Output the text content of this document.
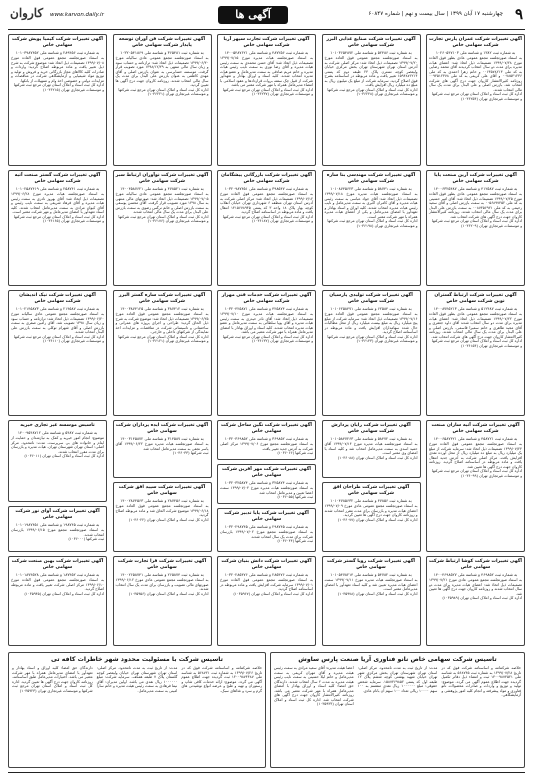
۹
چهارشنبه ۱۷ آبان ۱۳۹۹ | سال بیست و نهم | شماره ۶۰۸۴۷
آگهی ها
www.karvon.daily.ir
کاروان
آگهی تغییرات شرکت عمران پارس تجارت شرکت سهامی خاص
به شماره ثبت ۱۳۸۲ و شناسه ملی ۱۰۲۶۰۵۴۷۱۰۳
به استناد صورتجلسه مجمع عمومی عادی بطور فوق العاده مورخ ۱۳۹۹/۰۷/۲۸ تصمیمات ذیل اتخاذ شد: اعضای هیات مدیره برای مدت دو سال انتخاب گردیدند آقای محمد رضایی به کد ملی ۰۰۶۴۵۷۸۲۱۳ و خانم زهرا احمدی به کد ملی ۰۰۷۸۵۴۱۲۳۶ و آقای علی کریمی به کد ملی ۰۰۹۴۵۱۲۳۷۸ روزنامه کثیرالانتشار کاروان جهت درج آگهی های شرکت انتخاب شد. بازرس اصلی و علی البدل برای مدت یک سال مالی انتخاب شدند.
اداره کل ثبت اسناد و املاک استان تهران مرجع ثبت شرکتها و موسسات غیرتجاری تهران (۱۰۳۶۲۵۴)
آگهی تغییرات شرکت صنایع غذایی البرز شرکت سهامی خاص
به شماره ثبت ۵۲۴۸۶ و شناسه ملی ۱۰۱۰۳۶۵۴۸۷۲
به استناد صورتجلسه مجمع عمومی فوق العاده مورخ ۱۳۹۹/۰۷/۲۰ تصمیمات ذیل اتخاذ شد: مرکز اصلی شرکت به آدرس استان تهران شهرستان تهران بخش مرکزی خیابان ولیعصر کوچه نسترن پلاک ۲۴ طبقه دوم کد پستی ۱۵۹۴۸۷۶۲۱۴ تغییر یافت و ماده مربوطه در اساسنامه بشرح فوق اصلاح گردید. سرمایه شرکت از مبلغ یک میلیون ریال به مبلغ ده میلیارد ریال افزایش یافت.
اداره کل ثبت اسناد و املاک استان تهران مرجع ثبت شرکتها و موسسات غیرتجاری تهران (۱۰۳۶۲۴۸)
آگهی تغییرات شرکت تجارت سپهر آریا شرکت سهامی خاص
به شماره ثبت ۴۸۷۲۵۶ و شناسه ملی ۱۴۰۰۵۴۸۷۶۲۱
به استناد صورتجلسه هیات مدیره مورخ ۱۳۹۹/۰۷/۱۵ تصمیمات ذیل اتخاذ شد: آقای حسن محمدی به سمت رئیس هیات مدیره و آقای رضا نوری به سمت نایب رئیس هیات مدیره و خانم مریم صادقی به سمت مدیرعامل و عضو هیات مدیره انتخاب شدند. کلیه اسناد و اوراق بهادار و تعهدآور شرکت از قبیل چک سفته بروات قراردادها و عقود اسلامی با امضاء مدیرعامل همراه با مهر شرکت معتبر می باشد.
اداره کل ثبت اسناد و املاک استان تهران مرجع ثبت شرکتها و موسسات غیرتجاری تهران (۱۰۳۶۲۳۷)
آگهی تغییرات شرکت فن آوران توسعه پایدار شرکت سهامی خاص
به شماره ثبت ۳۶۵۴۸۱ و شناسه ملی ۱۰۳۲۰۵۴۱۸۶۹
به استناد صورتجلسه مجمع عمومی عادی سالیانه مورخ ۱۳۹۹/۰۶/۳۰ تصمیمات ذیل اتخاذ شد: ترازنامه و حساب سود و زیان سال مالی منتهی به ۱۳۹۸/۱۲/۲۹ مورد تصویب قرار گرفت. موسسه حسابرسی به عنوان بازرس اصلی و آقای مهدی کاظمی به عنوان بازرس علی البدل برای مدت یک سال مالی انتخاب شدند. روزنامه کاروان جهت درج آگهی ها تعیین گردید.
اداره کل ثبت اسناد و املاک استان تهران مرجع ثبت شرکتها و موسسات غیرتجاری تهران (۱۰۳۶۲۲۱)
آگهی تغییرات شرکت کیمیا پویش شرکت سهامی خاص
به شماره ثبت ۲۸۹۴۵۶ و شناسه ملی ۱۰۱۰۳۹۸۷۴۵۲
به استناد صورتجلسه مجمع عمومی فوق العاده مورخ ۱۳۹۹/۰۷/۰۸ تصمیمات ذیل اتخاذ شد: موضوع شرکت به شرح ذیل تغییر یافت و ماده مربوطه اصلاح گردید: واردات و صادرات کلیه کالاهای مجاز بازرگانی خرید و فروش و تولید و توزیع مواد شیمیایی و آزمایشگاهی شرکت در مناقصات و مزایدات دولتی و خصوصی اخذ وام و تسهیلات از بانکها.
اداره کل ثبت اسناد و املاک استان تهران مرجع ثبت شرکتها و موسسات غیرتجاری تهران (۱۰۳۶۲۱۵)
آگهی تغییرات شرکت آرین صنعت پایا شرکت سهامی خاص
به شماره ثبت ۴۱۲۵۸۷ و شناسه ملی ۱۴۰۰۶۳۲۵۴۸۷
به استناد صورتجلسه مجمع عمومی عادی بطور فوق العاده مورخ ۱۳۹۹/۰۷/۲۵ تصمیمات ذیل اتخاذ شد: آقای امیر حسینی به کد ملی ۰۰۵۶۸۹۷۴۵۲ به سمت بازرس اصلی و آقای سعید رحیمی به کد ملی ۰۰۸۷۴۵۶۹۲۱ به سمت بازرس علی البدل برای مدت یک سال مالی انتخاب شدند. روزنامه کثیرالانتشار کاروان جهت درج آگهی های شرکت انتخاب شد.
اداره کل ثبت اسناد و املاک استان تهران مرجع ثبت شرکتها و موسسات غیرتجاری تهران (۱۰۳۶۲۰۹)
آگهی تغییرات شرکت مهندسی بنا سازه شرکت سهامی خاص
به شماره ثبت ۵۸۷۴۱ و شناسه ملی ۱۰۱۰۸۷۴۵۶۲۳
به استناد صورتجلسه هیات مدیره مورخ ۱۳۹۹/۰۷/۱۸ تصمیمات ذیل اتخاذ شد: آقای جواد عباسی به سمت رئیس هیات مدیره و آقای کامران اکبری به سمت مدیرعامل و نایب رئیس هیات مدیره انتخاب شدند. کلیه اوراق و اسناد بهادار و تعهدآور با امضای مدیرعامل و یکی از اعضای هیات مدیره همراه با مهر شرکت معتبر است.
اداره کل ثبت اسناد و املاک استان تهران مرجع ثبت شرکتها و موسسات غیرتجاری تهران (۱۰۳۶۱۹۸)
آگهی تغییرات شرکت بازرگانی پیشگامان شرکت سهامی خاص
به شماره ثبت ۳۹۸۵۴۷ و شناسه ملی ۱۰۳۲۰۹۸۷۴۵۱
به استناد صورتجلسه مجمع عمومی فوق العاده مورخ ۱۳۹۹/۰۷/۱۲ تصمیمات ذیل اتخاذ شد: مرکز اصلی شرکت به آدرس استان تهران منطقه ۶ شهرداری تهران خیابان انقلاب کوچه بهار پلاک ۱۸ واحد ۳ کد پستی ۱۴۱۵۶۷۸۹۴۵ انتقال یافت و ماده مربوطه در اساسنامه اصلاح گردید.
اداره کل ثبت اسناد و املاک استان تهران مرجع ثبت شرکتها و موسسات غیرتجاری تهران (۱۰۳۶۱۸۷)
آگهی تغییرات شرکت نوآوران ارتباط سبز شرکت سهامی خاص
به شماره ثبت ۴۷۸۵۲۱ و شناسه ملی ۱۴۰۰۴۵۸۷۶۲۱
به استناد صورتجلسه مجمع عمومی عادی سالیانه مورخ ۱۳۹۹/۰۷/۰۵ تصمیمات ذیل اتخاذ شد: صورتهای مالی منتهی به سال ۱۳۹۸ مورد تصویب قرار گرفت. آقای محسن یوسفی به سمت بازرس اصلی و خانم نرگس رضوی به سمت بازرس علی البدل برای مدت یک سال مالی انتخاب شدند.
اداره کل ثبت اسناد و املاک استان تهران مرجع ثبت شرکتها و موسسات غیرتجاری تهران (۱۰۳۶۱۷۶)
آگهی تغییرات شرکت گستر صنعت آتیه شرکت سهامی خاص
به شماره ثبت ۲۵۸۷۴۱ و شناسه ملی ۱۰۱۰۲۵۸۷۴۱۹
به استناد صورتجلسه هیات مدیره مورخ ۱۳۹۹/۰۶/۲۸ تصمیمات ذیل اتخاذ شد: آقای بهروز نادری به سمت رئیس هیات مدیره و آقای فرهاد شریفی به سمت نایب رئیس و آقای کیوان مرادی به سمت مدیرعامل انتخاب شدند. کلیه اسناد تعهدآور با امضای مدیرعامل و مهر شرکت معتبر است.
اداره کل ثبت اسناد و املاک استان تهران مرجع ثبت شرکتها و موسسات غیرتجاری تهران (۱۰۳۶۱۶۵)
آگهی تغییرات شرکت ارتباط گستران نوین شرکت سهامی خاص
به شماره ثبت ۵۱۲۴۸۷ و شناسه ملی ۱۴۰۰۸۷۴۵۲۱۳
به استناد صورتجلسه مجمع عمومی عادی بطور فوق العاده مورخ ۱۳۹۹/۰۷/۲۲ تصمیمات ذیل اتخاذ شد: اعضای هیات مدیره برای مدت دو سال انتخاب شدند آقای داود جعفری و آقای مجید طاهری و خانم سمیرا قاسمی. بازرس اصلی و علی البدل برای مدت یک سال مالی انتخاب شدند. روزنامه کثیرالانتشار کاروان جهت درج آگهی های شرکت انتخاب شد.
اداره کل ثبت اسناد و املاک استان تهران مرجع ثبت شرکتها و موسسات غیرتجاری تهران (۱۰۳۶۱۵۴)
آگهی تغییرات شرکت تولیدی پارسیان شرکت سهامی خاص
به شماره ثبت ۶۲۵۸۴ و شناسه ملی ۱۰۱۰۶۲۵۸۴۷۱
به استناد صورتجلسه مجمع عمومی فوق العاده مورخ ۱۳۹۹/۰۷/۱۶ تصمیمات ذیل اتخاذ شد: سرمایه شرکت از مبلغ پنج میلیارد ریال به مبلغ بیست میلیارد ریال از محل مطالبات حال شده سهامداران افزایش یافت و ماده مربوطه در اساسنامه اصلاح گردید.
اداره کل ثبت اسناد و املاک استان تهران مرجع ثبت شرکتها و موسسات غیرتجاری تهران (۱۰۳۶۱۴۳)
آگهی تغییرات شرکت خدمات فنی مهراز شرکت سهامی خاص
به شماره ثبت ۴۲۵۸۷۴ و شناسه ملی ۱۰۳۲۰۴۲۵۸۷۱
به استناد صورتجلسه هیات مدیره مورخ ۱۳۹۹/۰۷/۱۰ تصمیمات ذیل اتخاذ شد: آقای نادر حیدری به سمت رئیس هیات مدیره و آقای پویا سلطانی به سمت مدیرعامل و عضو هیات مدیره انتخاب شدند. کلیه اسناد و اوراق بهادار با امضای مدیرعامل همراه با مهر شرکت معتبر می باشد.
اداره کل ثبت اسناد و املاک استان تهران مرجع ثبت شرکتها و موسسات غیرتجاری تهران (۱۰۳۶۱۳۲)
آگهی تغییرات شرکت سازه گستر البرز شرکت سهامی خاص
به شماره ثبت ۳۸۷۴۱۲ و شناسه ملی ۱۴۰۰۳۸۷۴۱۲۵
به استناد صورتجلسه مجمع عمومی فوق العاده مورخ ۱۳۹۹/۰۶/۲۵ تصمیمات ذیل اتخاذ شد: موضوع شرکت به شرح ذیل الحاق گردید: طراحی و اجرای پروژه های عمرانی و ساختمانی و تاسیساتی شرکت در مناقصات و مزایدات اخذ نمایندگی از شرکتهای داخلی و خارجی.
اداره کل ثبت اسناد و املاک استان تهران مرجع ثبت شرکتها و موسسات غیرتجاری تهران (۱۰۳۶۱۲۱)
آگهی تغییرات شرکت نیک اندیشان شرکت سهامی خاص
به شماره ثبت ۲۱۴۵۸۷ و شناسه ملی ۱۰۱۰۲۱۴۵۸۷۳
به استناد صورتجلسه مجمع عمومی عادی سالیانه مورخ ۱۳۹۹/۰۶/۲۰ تصمیمات ذیل اتخاذ شد: ترازنامه و حساب سود و زیان سال ۱۳۹۸ تصویب شد. آقای رامین صفری به سمت بازرس اصلی و آقای شهرام توکلی به سمت بازرس علی البدل انتخاب شدند.
اداره کل ثبت اسناد و املاک استان تهران مرجع ثبت شرکتها و موسسات غیرتجاری تهران (۱۰۳۶۱۱۰)
آگهی تغییرات شرکت آتیه سازان صنعت شرکت سهامی خاص
به شماره ثبت ۴۵۸۷۲۱ و شناسه ملی ۱۴۰۰۶۵۸۷۴۲۱
به استناد صورتجلسه مجمع عمومی فوق العاده مورخ ۱۳۹۹/۰۷/۲۴ تصمیمات ذیل اتخاذ شد: سرمایه شرکت از مبلغ یک میلیارد ریال به مبلغ ده میلیارد ریال از محل آورده نقدی افزایش یافت. مرکز اصلی شرکت به آدرس جدید انتقال یافت و ماده مربوطه در اساسنامه اصلاح گردید. روزنامه کاروان جهت درج آگهی ها تعیین شد.
اداره کل ثبت اسناد و املاک استان تهران مرجع ثبت شرکتها و موسسات غیرتجاری تهران (۱۰۳۶۰۹۹)
آگهی تغییرات شرکت رایان پردازش شرکت سهامی خاص
به شماره ثبت ۵۸۴۷۲ و شناسه ملی ۱۰۱۰۵۸۴۷۲۶۳
به استناد صورتجلسه هیات مدیره مورخ ۱۳۹۹/۰۷/۱۴ آقای حمید اسدی به سمت مدیرعامل انتخاب شد و کلیه اسناد با امضای وی معتبر است.
اداره کل ثبت اسناد و املاک استان تهران (۱۰۳۶۰۸۸)
آگهی تغییرات شرکت طراحان افق شرکت سهامی خاص
به شماره ثبت ۴۷۸۵۶ و شناسه ملی ۱۰۱۰۴۷۸۵۶۳۲
به استناد صورتجلسه مجمع عمومی عادی مورخ ۱۳۹۹/۰۷/۰۹ اعضای هیات مدیره و بازرسان برای مدت مقرر انتخاب شدند و روزنامه کاروان جهت درج آگهی ها تعیین گردید.
اداره کل ثبت اسناد و املاک استان تهران (۱۰۳۶۰۷۷)
آگهی تغییرات شرکت نگین ساحل شرکت سهامی خاص
به شماره ثبت ۳۶۹۸۵۲ و شناسه ملی ۱۰۳۲۰۳۶۹۸۵۲
به استناد صورتجلسه مجمع مورخ ۱۳۹۹/۰۷/۰۶ مرکز اصلی شرکت به آدرس جدید تغییر یافت.
ثبت شرکتها (۱۰۳۶۰۶۶)
آگهی تغییرات شرکت مهر آفرین شرکت سهامی خاص
به شماره ثبت ۳۲۵۸۷۴ و شناسه ملی ۱۰۳۲۰۳۲۵۸۷۴
به استناد صورتجلسه هیات مدیره مورخ ۱۳۹۹/۰۷/۰۴ سمت اعضا تعیین و مدیرعامل انتخاب شد.
ثبت شرکتها (۱۰۳۶۰۵۵)
آگهی تغییرات شرکت پایا تدبیر شرکت سهامی خاص
به شماره ثبت ۲۹۸۷۴۵ و شناسه ملی ۱۰۳۲۰۲۹۸۷۴۵
به استناد صورتجلسه مجمع مورخ ۱۳۹۹/۰۷/۰۲ بازرسان شرکت برای مدت یک سال انتخاب شدند.
ثبت شرکتها (۱۰۳۶۰۴۴)
آگهی تغییرات شرکت ایده پردازان شرکت سهامی خاص
به شماره ثبت ۳۱۴۵۸۷ و شناسه ملی ۱۴۰۰۳۱۴۵۸۷۲
به استناد صورتجلسه هیات مدیره مورخ ۱۳۹۹/۰۶/۲۲ آقای یاسر نجفی به سمت مدیرعامل انتخاب شد.
ثبت شرکتها (۱۰۳۶۰۳۳)
آگهی تغییرات شرکت سپید افق شرکت سهامی خاص
به شماره ثبت ۲۸۷۴۵۶ و شناسه ملی ۱۴۰۰۲۸۷۴۵۶۳
به استناد صورتجلسه مجمع عمومی فوق العاده مورخ ۱۳۹۹/۰۶/۱۸ موضوع شرکت الحاق شد و ماده مربوطه اصلاح گردید.
اداره کل ثبت اسناد و املاک استان تهران (۱۰۳۶۰۲۲)
تاسیس موسسه غیر تجاری خیریه
به شماره ثبت ۵۴۸۷ و شناسه ملی ۱۴۰۰۹۵۴۸۷۱۲
موضوع: انجام امور خیریه و کمک به نیازمندان و حمایت از ایتام و خانواده های بی سرپرست. مدت: نامحدود. مرکز اصلی: استان تهران شهرستان تهران. هیات مدیره و بازرسان برای مدت مقرر انتخاب شدند.
اداره کل ثبت اسناد و املاک استان تهران (۱۰۳۶۰۱۱)
آگهی تغییرات شرکت آوای نور شرکت سهامی خاص
به شماره ثبت ۱۹۸۷۴۵ و شناسه ملی ۱۰۱۰۱۹۸۷۴۵۱
به استناد صورتجلسه مجمع مورخ ۱۳۹۹/۰۶/۱۵ بازرسان انتخاب شدند.
ثبت شرکتها (۱۰۳۶۰۰۰)
آگهی تغییرات شرکت کوشا ارتباط شرکت سهامی خاص
به شماره ثبت ۴۶۹۸۵۲ و شناسه ملی ۱۴۰۰۴۶۹۸۵۲۷
به استناد صورتجلسه مجمع عمومی عادی مورخ ۱۳۹۹/۰۷/۲۱ تصمیمات ذیل اتخاذ شد: اعضای هیات مدیره برای مدت دو سال انتخاب شدند و روزنامه کاروان جهت درج آگهی ها تعیین شد.
اداره کل ثبت اسناد و املاک استان تهران (۱۰۳۵۹۸۹)
آگهی تغییرات شرکت رویا گستر شرکت سهامی خاص
به شماره ثبت ۵۴۷۸۲ و شناسه ملی ۱۰۱۰۵۴۷۸۲۱۴
به استناد صورتجلسه هیات مدیره مورخ ۱۳۹۹/۰۷/۱۱ سمت اعضای هیات مدیره تعیین شد و کلیه اسناد تعهدآور با امضای مدیرعامل معتبر است.
اداره کل ثبت اسناد و املاک استان تهران (۱۰۳۵۹۷۸)
آگهی تغییرات شرکت دانش بنیان شرکت سهامی خاص
به شماره ثبت ۲۸۵۴۷۶ و شناسه ملی ۱۰۳۲۰۲۸۵۴۷۶
به استناد صورتجلسه مجمع عمومی فوق العاده مورخ ۱۳۹۹/۰۷/۰۱ سرمایه شرکت افزایش یافت و ماده مربوطه در اساسنامه اصلاح گردید.
اداره کل ثبت اسناد و املاک استان تهران (۱۰۳۵۹۶۷)
آگهی تغییرات شرکت فرا تجارت شرکت سهامی خاص
به شماره ثبت ۲۶۵۸۷۴ و شناسه ملی ۱۴۰۰۲۶۵۸۷۴۱
به استناد صورتجلسه مجمع عمومی عادی مورخ ۱۳۹۹/۰۶/۱۲ صورتهای مالی تصویب و بازرسان برای مدت یک سال انتخاب شدند.
اداره کل ثبت اسناد و املاک استان تهران (۱۰۳۵۹۵۶)
آگهی تغییرات شرکت بهین صنعت شرکت سهامی خاص
به شماره ثبت ۱۸۷۴۵۲ و شناسه ملی ۱۰۱۰۱۸۷۴۵۲۸
به استناد صورتجلسه مجمع عمومی فوق العاده مورخ ۱۳۹۹/۰۶/۱۰ مرکز اصلی شرکت تغییر یافت و ماده مربوطه اصلاح گردید.
اداره کل ثبت اسناد و املاک استان تهران (۱۰۳۵۹۴۵)
تاسیس شرکت سهامی خاص نانو فناوری آریا صنعت پارس ساوش
خلاصه شرکتنامه و اساسنامه شرکت فوق که در تاریخ ۱۳۹۹/۰۷/۲۸ به شماره ثبت ۵۶۸۷۴۵ به شناسه ملی ۱۴۰۰۹۸۷۴۵۲۱ ثبت و امضاء ذیل دفاتر تکمیل گردیده جهت اطلاع عموم آگهی می گردد. موضوع: تولید و توزیع و واردات و صادرات محصولات نانو فناوری و مواد پیشرفته و انجام کلیه امور پژوهشی و آزمایشگاهی.
مدت: از تاریخ ثبت به مدت نامحدود. مرکز اصلی: استان تهران شهرستان تهران بخش مرکزی شهر تهران خیابان شهید بهشتی کوچه ششم پلاک ۱۲ طبقه اول کد پستی ۱۵۸۷۴۶۹۸۵۲. سرمایه شخص حقوقی: مبلغ ۱۰۰۰۰۰۰ ریال نقدی منقسم به ۱۰۰ سهم ۱۰۰۰۰ ریالی تعداد ۱۰۰ سهم آن بانام عادی.
اعضا هیئت مدیره: آقای سعید مرادی به سمت رئیس هیئت مدیره و آقای مهران کریمی به سمت مدیرعامل و خانم لیلا حسینی به سمت نایب رئیس هیئت مدیره به مدت ۲ سال انتخاب شدند. دارندگان حق امضا: کلیه اسناد و اوراق بهادار با امضای مدیرعامل همراه با مهر شرکت معتبر می باشد. روزنامه کثیرالانتشار کاروان جهت درج آگهی های شرکت انتخاب شد. اداره کل ثبت اسناد و املاک استان تهران (۱۰۳۵۹۳۴)
تاسیس شرکت با مسئولیت محدود شهر خاطرات کافه تی
خلاصه شرکتنامه و اساسنامه شرکت فوق که در تاریخ ۱۳۹۹/۰۷/۲۶ به شماره ثبت ۵۶۸۷۲۱ به شناسه ملی ۱۴۰۰۹۸۷۴۴۸۷ ثبت گردیده جهت اطلاع عموم آگهی می گردد. موضوع: ارائه خدمات کافی شاپ و رستوران و تهیه و طبخ و عرضه انواع نوشیدنی های گرم و سرد و غذاهای سبک.
مدت: از تاریخ ثبت به مدت نامحدود. مرکز اصلی: استان تهران شهرستان تهران خیابان ولیعصر کوچه گلستان پلاک ۷ طبقه همکف. سرمایه شرکت: مبلغ ۱۰۰۰۰۰۰ ریال نقدی می باشد. اولین مدیران: آقای نیما فرهادی به سمت رئیس هیئت مدیره و خانم سارا امینی به سمت مدیرعامل.
دارندگان حق امضا: کلیه اوراق و اسناد بهادار و تعهدآور با امضای مدیرعامل همراه با مهر شرکت معتبر می باشد. اختیارات مدیرعامل طبق اساسنامه. روزنامه کاروان جهت درج آگهی ها تعیین گردید. اداره کل ثبت اسناد و املاک استان تهران مرجع ثبت شرکتها و موسسات غیرتجاری تهران (۱۰۳۵۹۲۳)
